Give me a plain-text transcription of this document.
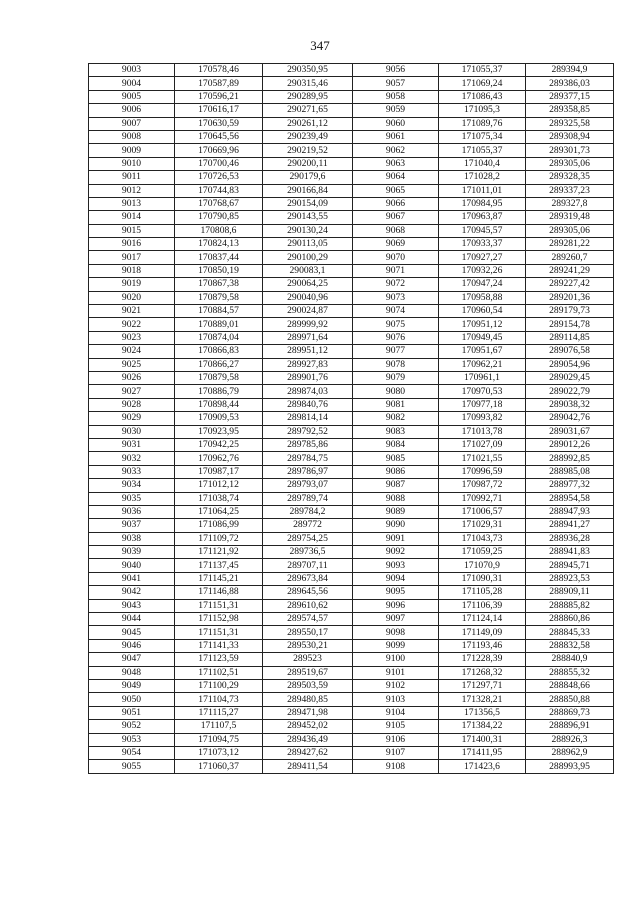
347
9003	170578,46	290350,95	9056	171055,37	289394,9
9004	170587,89	290315,46	9057	171069,24	289386,03
9005	170596,21	290289,95	9058	171086,43	289377,15
9006	170616,17	290271,65	9059	171095,3	289358,85
9007	170630,59	290261,12	9060	171089,76	289325,58
9008	170645,56	290239,49	9061	171075,34	289308,94
9009	170669,96	290219,52	9062	171055,37	289301,73
9010	170700,46	290200,11	9063	171040,4	289305,06
9011	170726,53	290179,6	9064	171028,2	289328,35
9012	170744,83	290166,84	9065	171011,01	289337,23
9013	170768,67	290154,09	9066	170984,95	289327,8
9014	170790,85	290143,55	9067	170963,87	289319,48
9015	170808,6	290130,24	9068	170945,57	289305,06
9016	170824,13	290113,05	9069	170933,37	289281,22
9017	170837,44	290100,29	9070	170927,27	289260,7
9018	170850,19	290083,1	9071	170932,26	289241,29
9019	170867,38	290064,25	9072	170947,24	289227,42
9020	170879,58	290040,96	9073	170958,88	289201,36
9021	170884,57	290024,87	9074	170960,54	289179,73
9022	170889,01	289999,92	9075	170951,12	289154,78
9023	170874,04	289971,64	9076	170949,45	289114,85
9024	170866,83	289951,12	9077	170951,67	289076,58
9025	170866,27	289927,83	9078	170962,21	289054,96
9026	170879,58	289901,76	9079	170961,1	289029,45
9027	170886,79	289874,03	9080	170970,53	289022,79
9028	170898,44	289840,76	9081	170977,18	289038,32
9029	170909,53	289814,14	9082	170993,82	289042,76
9030	170923,95	289792,52	9083	171013,78	289031,67
9031	170942,25	289785,86	9084	171027,09	289012,26
9032	170962,76	289784,75	9085	171021,55	288992,85
9033	170987,17	289786,97	9086	170996,59	288985,08
9034	171012,12	289793,07	9087	170987,72	288977,32
9035	171038,74	289789,74	9088	170992,71	288954,58
9036	171064,25	289784,2	9089	171006,57	288947,93
9037	171086,99	289772	9090	171029,31	288941,27
9038	171109,72	289754,25	9091	171043,73	288936,28
9039	171121,92	289736,5	9092	171059,25	288941,83
9040	171137,45	289707,11	9093	171070,9	288945,71
9041	171145,21	289673,84	9094	171090,31	288923,53
9042	171146,88	289645,56	9095	171105,28	288909,11
9043	171151,31	289610,62	9096	171106,39	288885,82
9044	171152,98	289574,57	9097	171124,14	288860,86
9045	171151,31	289550,17	9098	171149,09	288845,33
9046	171141,33	289530,21	9099	171193,46	288832,58
9047	171123,59	289523	9100	171228,39	288840,9
9048	171102,51	289519,67	9101	171268,32	288855,32
9049	171100,29	289503,59	9102	171297,71	288848,66
9050	171104,73	289480,85	9103	171328,21	288850,88
9051	171115,27	289471,98	9104	171356,5	288869,73
9052	171107,5	289452,02	9105	171384,22	288896,91
9053	171094,75	289436,49	9106	171400,31	288926,3
9054	171073,12	289427,62	9107	171411,95	288962,9
9055	171060,37	289411,54	9108	171423,6	288993,95
